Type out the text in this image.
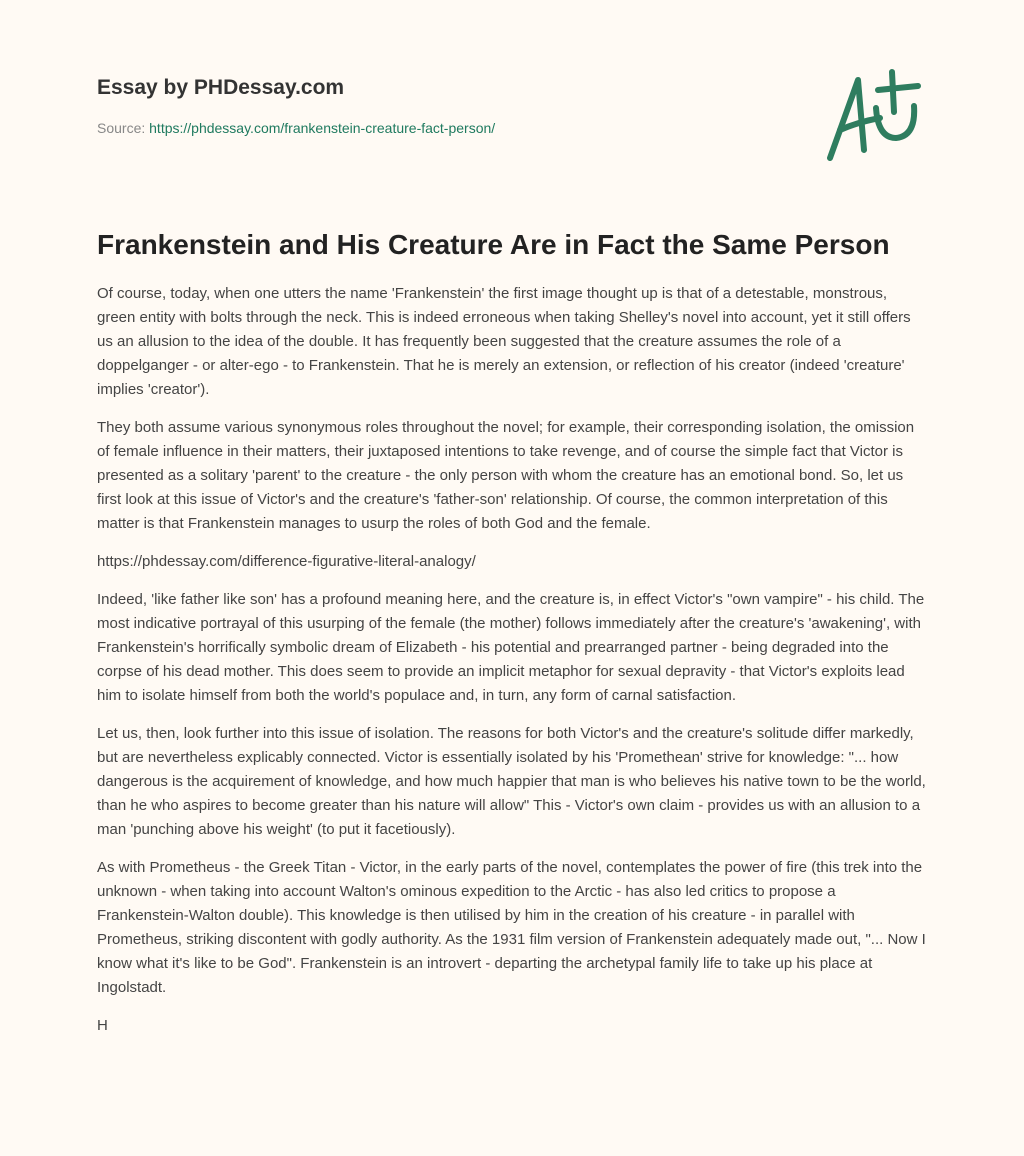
Essay by PHDessay.com
Source: https://phdessay.com/frankenstein-creature-fact-person/
Frankenstein and His Creature Are in Fact the Same Person

Of course, today, when one utters the name 'Frankenstein' the first image thought up is that of a detestable, monstrous, green entity with bolts through the neck. This is indeed erroneous when taking Shelley's novel into account, yet it still offers us an allusion to the idea of the double. It has frequently been suggested that the creature assumes the role of a doppelganger - or alter-ego - to Frankenstein. That he is merely an extension, or reflection of his creator (indeed 'creature' implies 'creator').

They both assume various synonymous roles throughout the novel; for example, their corresponding isolation, the omission of female influence in their matters, their juxtaposed intentions to take revenge, and of course the simple fact that Victor is presented as a solitary 'parent' to the creature - the only person with whom the creature has an emotional bond. So, let us first look at this issue of Victor's and the creature's 'father-son' relationship. Of course, the common interpretation of this matter is that Frankenstein manages to usurp the roles of both God and the female.

https://phdessay.com/difference-figurative-literal-analogy/

Indeed, 'like father like son' has a profound meaning here, and the creature is, in effect Victor's "own vampire" - his child. The most indicative portrayal of this usurping of the female (the mother) follows immediately after the creature's 'awakening', with Frankenstein's horrifically symbolic dream of Elizabeth - his potential and prearranged partner - being degraded into the corpse of his dead mother. This does seem to provide an implicit metaphor for sexual depravity - that Victor's exploits lead him to isolate himself from both the world's populace and, in turn, any form of carnal satisfaction.

Let us, then, look further into this issue of isolation. The reasons for both Victor's and the creature's solitude differ markedly, but are nevertheless explicably connected. Victor is essentially isolated by his 'Promethean' strive for knowledge: "... how dangerous is the acquirement of knowledge, and how much happier that man is who believes his native town to be the world, than he who aspires to become greater than his nature will allow" This - Victor's own claim - provides us with an allusion to a man 'punching above his weight' (to put it facetiously).

As with Prometheus - the Greek Titan - Victor, in the early parts of the novel, contemplates the power of fire (this trek into the unknown - when taking into account Walton's ominous expedition to the Arctic - has also led critics to propose a Frankenstein-Walton double). This knowledge is then utilised by him in the creation of his creature - in parallel with Prometheus, striking discontent with godly authority. As the 1931 film version of Frankenstein adequately made out, "... Now I know what it's like to be God". Frankenstein is an introvert - departing the archetypal family life to take up his place at Ingolstadt.

H
